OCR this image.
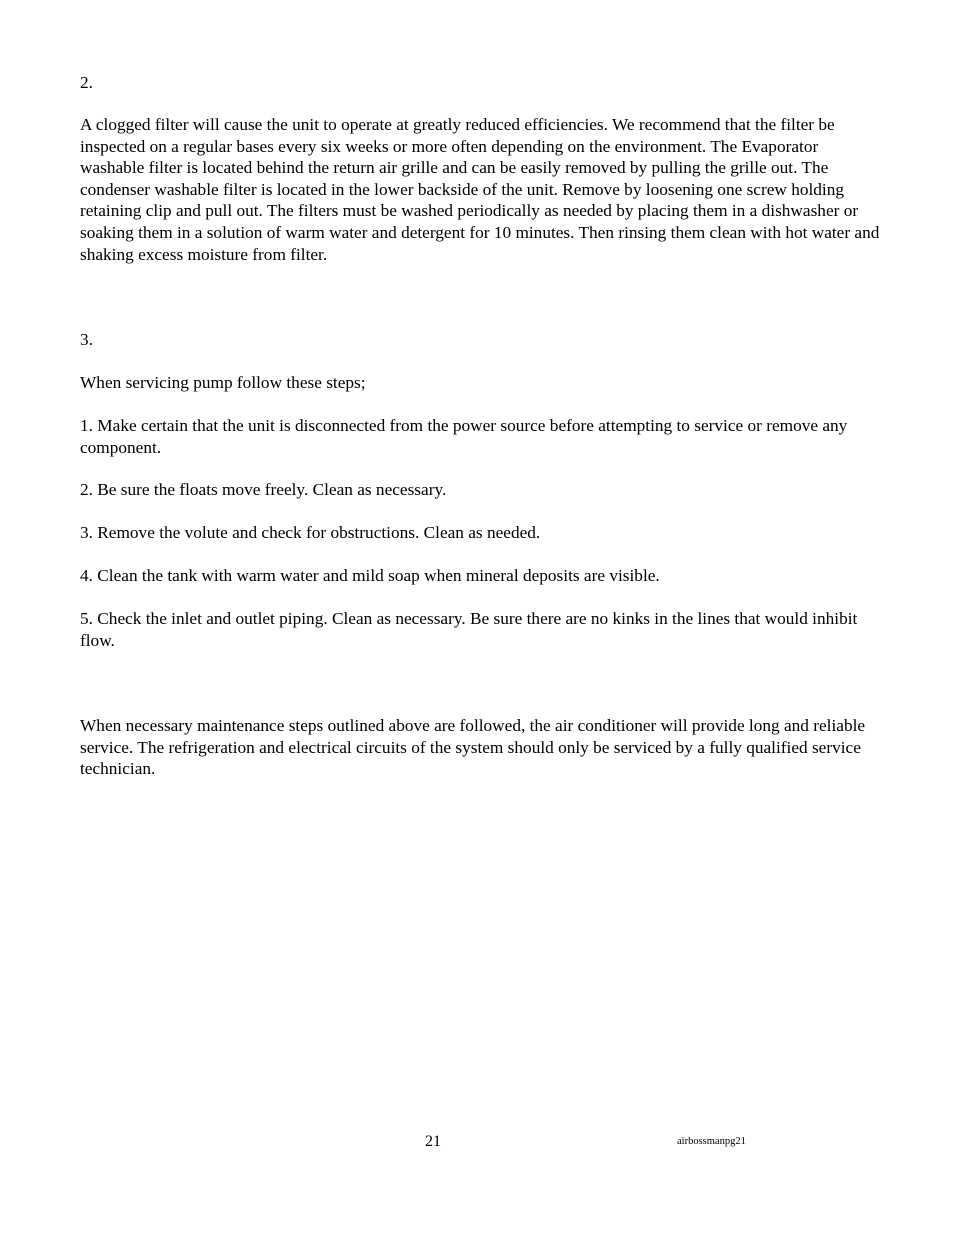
2.

A clogged filter will cause the unit to operate at greatly reduced efficiencies. We recommend that the filter be inspected on a regular bases every six weeks or more often depending on the environment. The Evaporator washable filter is located behind the return air grille and can be easily removed by pulling the grille out. The condenser washable filter is located in the lower backside of the unit. Remove by loosening one screw holding retaining clip and pull out. The filters must be washed periodically as needed by placing them in a dishwasher or soaking them in a solution of warm water and detergent for 10 minutes. Then rinsing them clean with hot water and shaking excess moisture from filter.

3.

When servicing pump follow these steps;

1. Make certain that the unit is disconnected from the power source before attempting to service or remove any component.

2. Be sure the floats move freely. Clean as necessary.

3. Remove the volute and check for obstructions. Clean as needed.

4. Clean the tank with warm water and mild soap when mineral deposits are visible.

5. Check the inlet and outlet piping. Clean as necessary. Be sure there are no kinks in the lines that would inhibit flow.

When necessary maintenance steps outlined above are followed, the air conditioner will provide long and reliable service. The refrigeration and electrical circuits of the system should only be serviced by a fully qualified service technician.

21	airbossmanpg21
